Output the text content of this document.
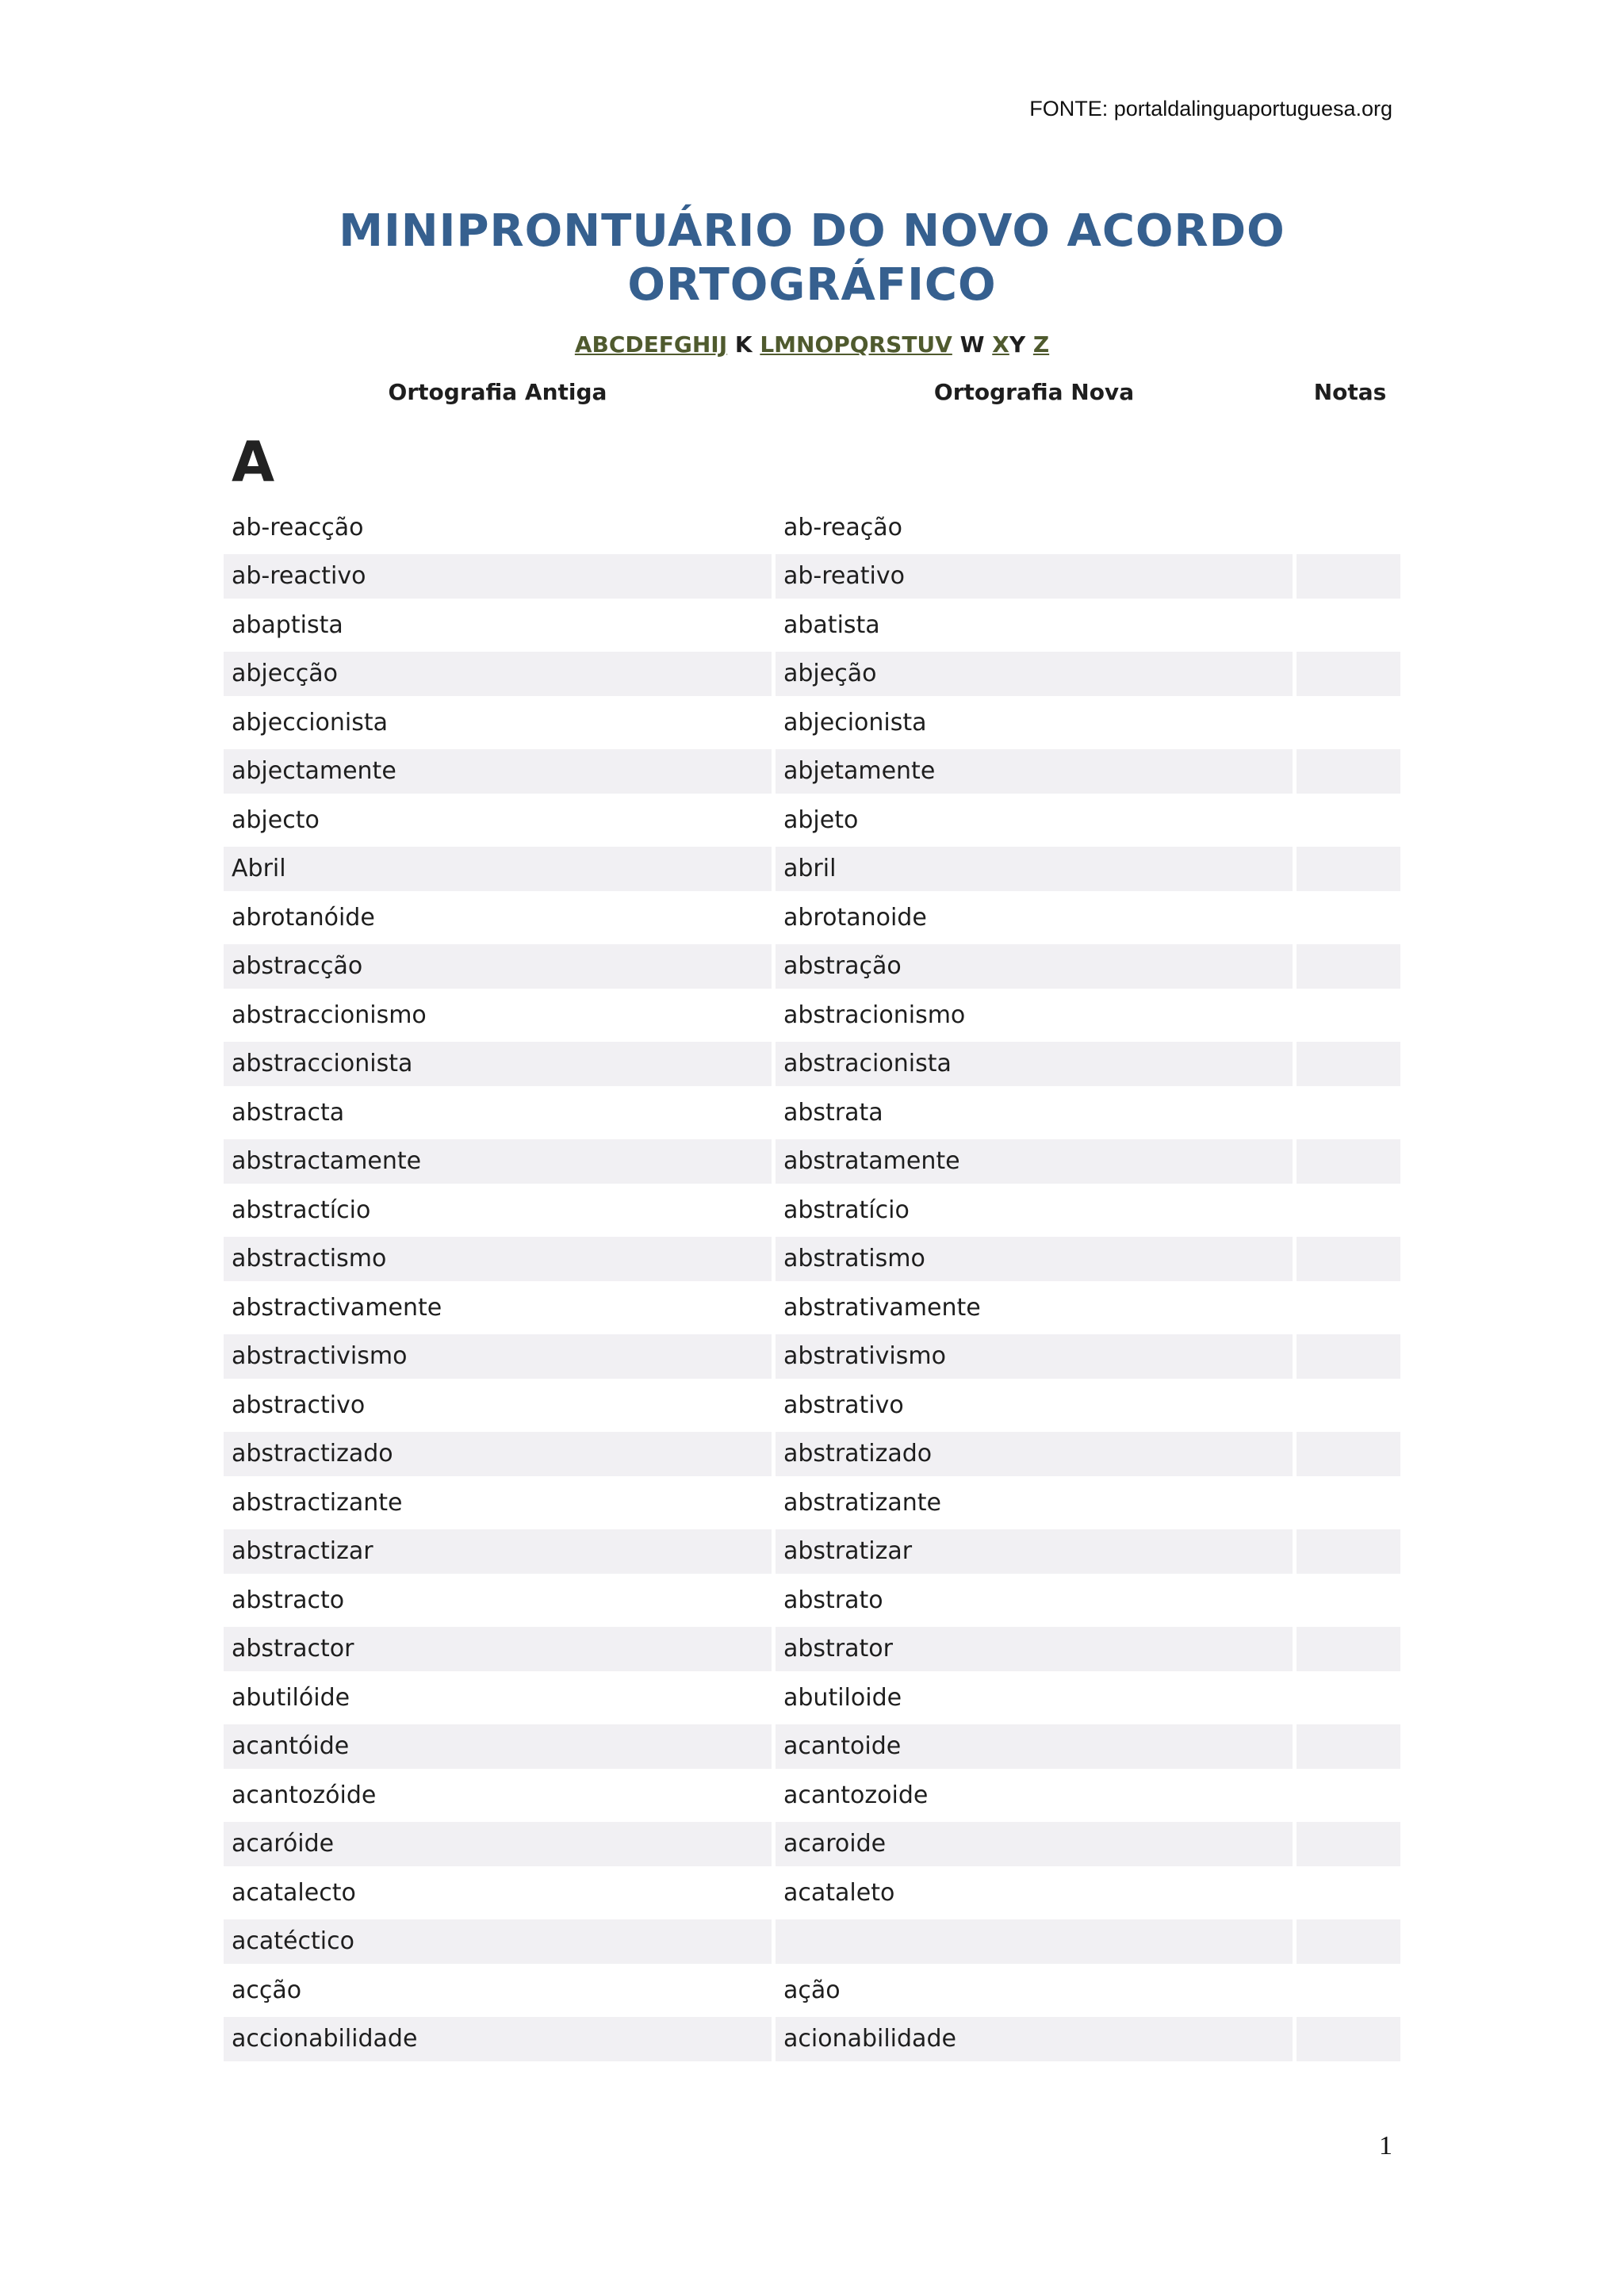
FONTE: portaldalinguaportuguesa.org
MINIPRONTUÁRIO DO NOVO ACORDO
ORTOGRÁFICO
ABCDEFGHIJ K LMNOPQRSTUV W XY Z
Ortografia Antiga	Ortografia Nova	Notas
A
ab-reacção	ab-reação
ab-reactivo	ab-reativo
abaptista	abatista
abjecção	abjeção
abjeccionista	abjecionista
abjectamente	abjetamente
abjecto	abjeto
Abril	abril
abrotanóide	abrotanoide
abstracção	abstração
abstraccionismo	abstracionismo
abstraccionista	abstracionista
abstracta	abstrata
abstractamente	abstratamente
abstractício	abstratício
abstractismo	abstratismo
abstractivamente	abstrativamente
abstractivismo	abstrativismo
abstractivo	abstrativo
abstractizado	abstratizado
abstractizante	abstratizante
abstractizar	abstratizar
abstracto	abstrato
abstractor	abstrator
abutilóide	abutiloide
acantóide	acantoide
acantozóide	acantozoide
acaróide	acaroide
acatalecto	acataleto
acatéctico
acção	ação
accionabilidade	acionabilidade
1
